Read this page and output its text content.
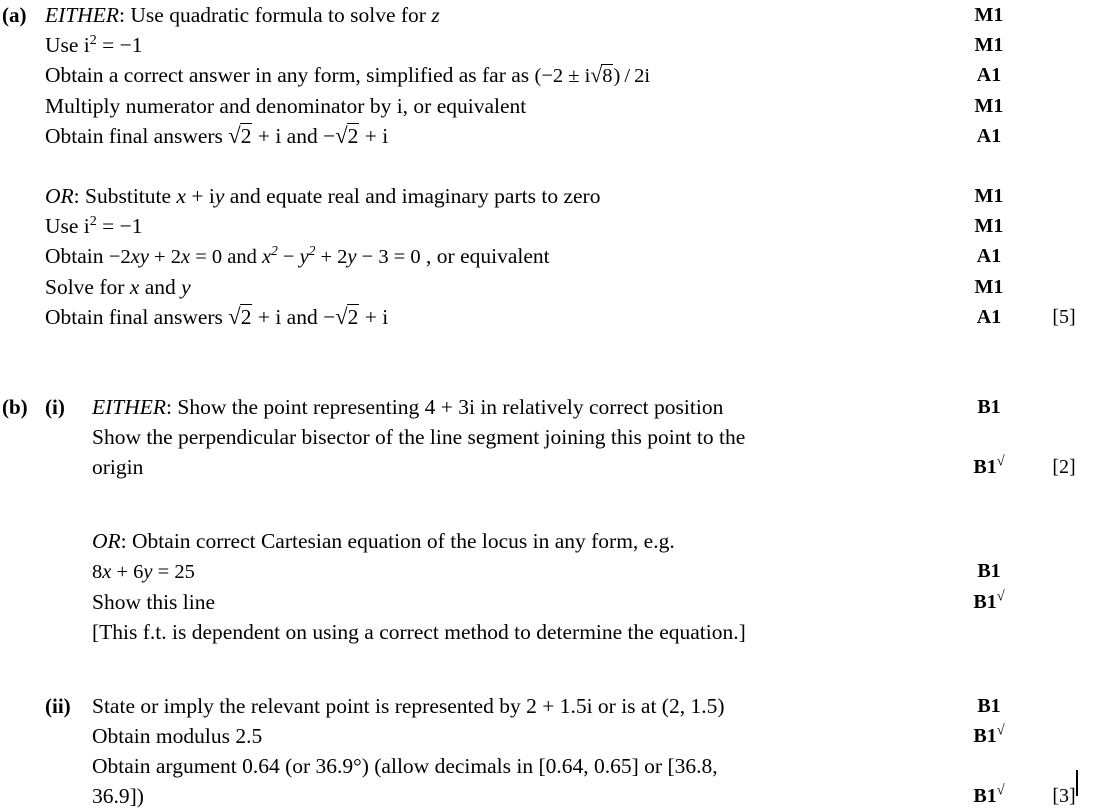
(a) EITHER: Use quadratic formula to solve for z	M1
Use $i^2 = -1$	M1
Obtain a correct answer in any form, simplified as far as (−2 ± i√8) / 2i	A1
Multiply numerator and denominator by i, or equivalent	M1
Obtain final answers √2 + i and −√2 + i	A1
OR: Substitute x + iy and equate real and imaginary parts to zero	M1
Use $i^2 = -1$	M1
Obtain −2xy + 2x = 0 and $x^2 - y^2 + 2y - 3 = 0$ , or equivalent	A1
Solve for x and y	M1
Obtain final answers √2 + i and −√2 + i	A1	[5]
(b) (i)	EITHER: Show the point representing 4 + 3i in relatively correct position	B1
Show the perpendicular bisector of the line segment joining this point to the
origin	B1√	[2]
OR: Obtain correct Cartesian equation of the locus in any form, e.g.
8x + 6y = 25	B1
Show this line	B1√
[This f.t. is dependent on using a correct method to determine the equation.]
(ii) State or imply the relevant point is represented by 2 + 1.5i or is at (2, 1.5)	B1
Obtain modulus 2.5	B1√
Obtain argument 0.64 (or 36.9°) (allow decimals in [0.64, 0.65] or [36.8,
36.9])	B1√	[3]
